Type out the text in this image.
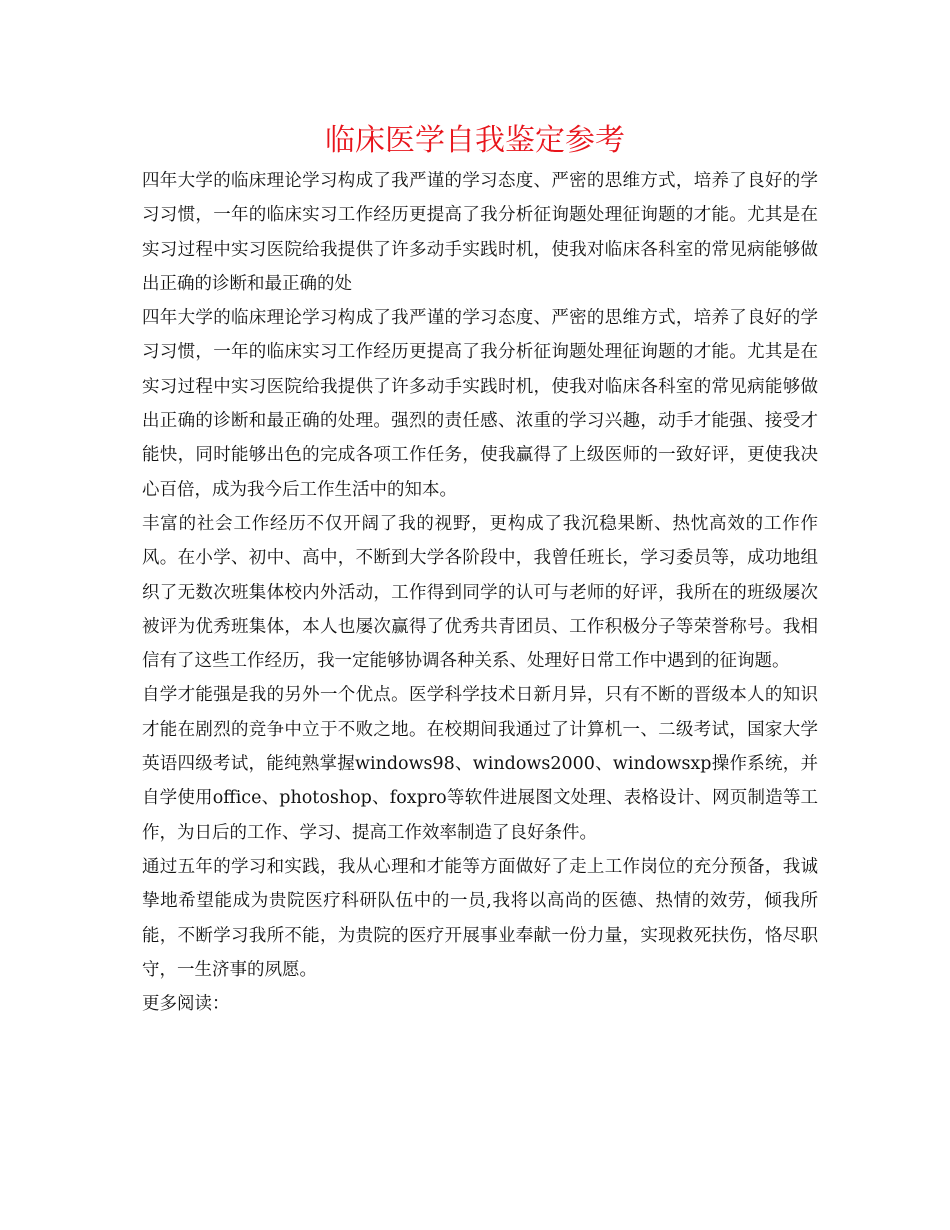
临床医学自我鉴定参考

四年大学的临床理论学习构成了我严谨的学习态度、严密的思维方式，培养了良好的学习习惯，一年的临床实习工作经历更提高了我分析征询题处理征询题的才能。尤其是在实习过程中实习医院给我提供了许多动手实践时机，使我对临床各科室的常见病能够做出正确的诊断和最正确的处

四年大学的临床理论学习构成了我严谨的学习态度、严密的思维方式，培养了良好的学习习惯，一年的临床实习工作经历更提高了我分析征询题处理征询题的才能。尤其是在实习过程中实习医院给我提供了许多动手实践时机，使我对临床各科室的常见病能够做出正确的诊断和最正确的处理。强烈的责任感、浓重的学习兴趣，动手才能强、接受才能快，同时能够出色的完成各项工作任务，使我赢得了上级医师的一致好评，更使我决心百倍，成为我今后工作生活中的知本。

丰富的社会工作经历不仅开阔了我的视野，更构成了我沉稳果断、热忱高效的工作作风。在小学、初中、高中，不断到大学各阶段中，我曾任班长，学习委员等，成功地组织了无数次班集体校内外活动，工作得到同学的认可与老师的好评，我所在的班级屡次被评为优秀班集体，本人也屡次赢得了优秀共青团员、工作积极分子等荣誉称号。我相信有了这些工作经历，我一定能够协调各种关系、处理好日常工作中遇到的征询题。

自学才能强是我的另外一个优点。医学科学技术日新月异，只有不断的晋级本人的知识才能在剧烈的竞争中立于不败之地。在校期间我通过了计算机一、二级考试，国家大学英语四级考试，能纯熟掌握windows98、windows2000、windowsxp操作系统，并自学使用office、photoshop、foxpro等软件进展图文处理、表格设计、网页制造等工作，为日后的工作、学习、提高工作效率制造了良好条件。

通过五年的学习和实践，我从心理和才能等方面做好了走上工作岗位的充分预备，我诚挚地希望能成为贵院医疗科研队伍中的一员,我将以高尚的医德、热情的效劳，倾我所能，不断学习我所不能，为贵院的医疗开展事业奉献一份力量，实现救死扶伤，恪尽职守，一生济事的夙愿。

更多阅读：
